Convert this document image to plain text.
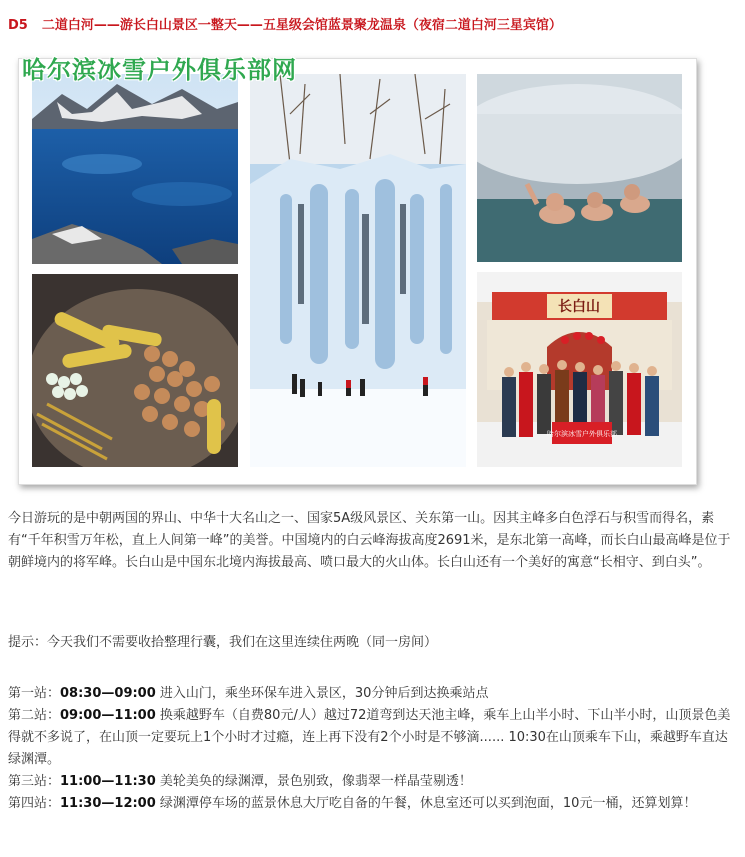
D5 二道白河——游长白山景区一整天——五星级会馆蓝景聚龙温泉（夜宿二道白河三星宾馆）
长白山
哈尔滨冰雪户外俱乐部
哈尔滨冰雪户外俱乐部网
今日游玩的是中朝两国的界山、中华十大名山之一、国家5A级风景区、关东第一山。因其主峰多白色浮石与积雪而得名，素有“千年积雪万年松，直上人间第一峰”的美誉。中国境内的白云峰海拔高度2691米，是东北第一高峰，而长白山最高峰是位于朝鲜境内的将军峰。长白山是中国东北境内海拔最高、喷口最大的火山体。长白山还有一个美好的寓意“长相守、到白头”。
提示：今天我们不需要收拾整理行囊，我们在这里连续住两晚（同一房间）
第一站：08:30—09:00 进入山门，乘坐环保车进入景区，30分钟后到达换乘站点
第二站：09:00—11:00 换乘越野车（自费80元/人）越过72道弯到达天池主峰，乘车上山半小时、下山半小时，山顶景色美得就不多说了，在山顶一定要玩上1个小时才过瘾，连上再下没有2个小时是不够滴...... 10:30在山顶乘车下山，乘越野车直达绿渊潭。
第三站：11:00—11:30 美轮美奂的绿渊潭，景色别致，像翡翠一样晶莹剔透！
第四站：11:30—12:00 绿渊潭停车场的蓝景休息大厅吃自备的午餐，休息室还可以买到泡面，10元一桶，还算划算！
